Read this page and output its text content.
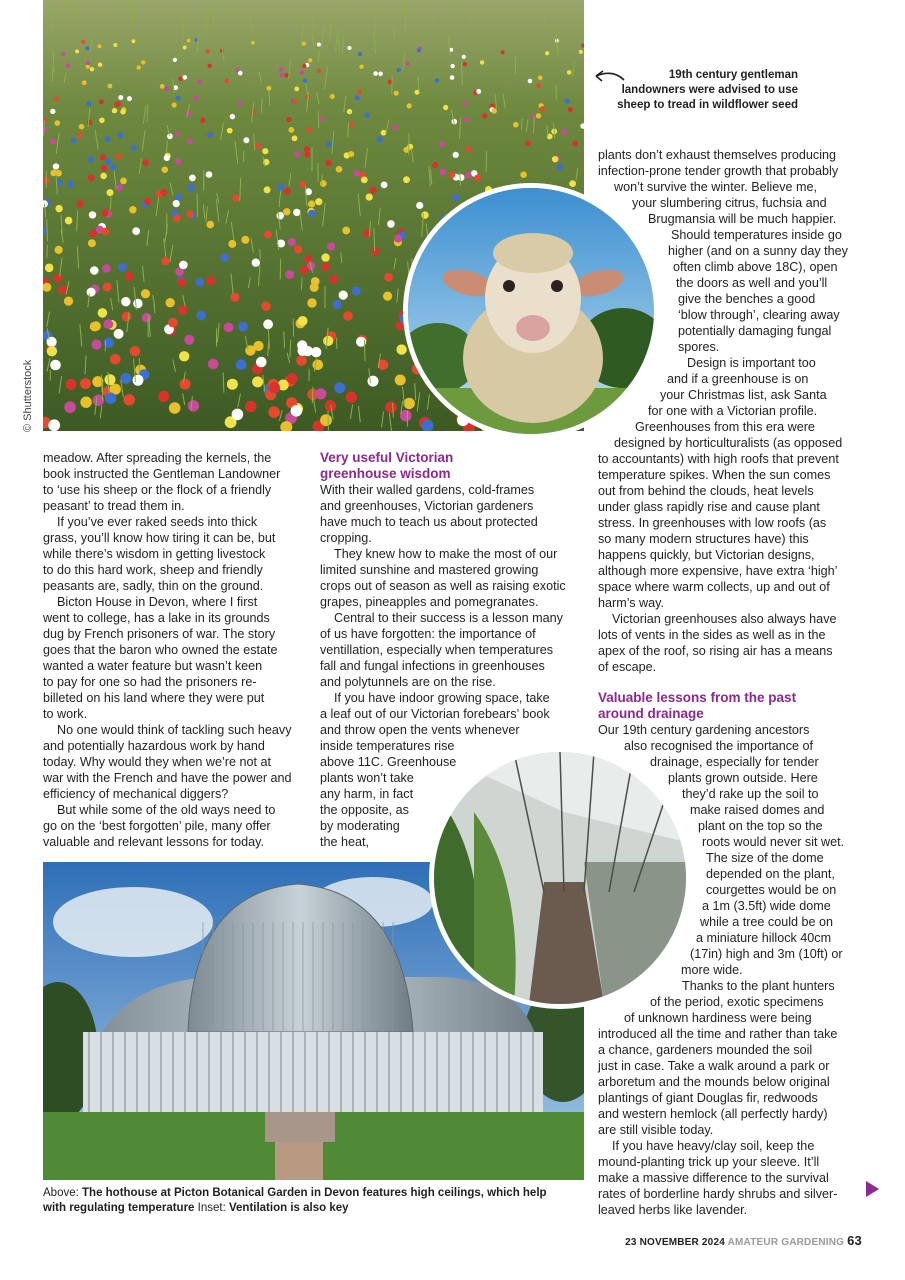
© Shutterstock
19th century gentleman
landowners were advised to use
sheep to tread in wildflower seed

meadow. After spreading the kernels, the

book instructed the Gentleman Landowner

to ‘use his sheep or the flock of a friendly

peasant’ to tread them in.

If you’ve ever raked seeds into thick

grass, you’ll know how tiring it can be, but

while there’s wisdom in getting livestock

to do this hard work, sheep and friendly

peasants are, sadly, thin on the ground.

Bicton House in Devon, where I first

went to college, has a lake in its grounds

dug by French prisoners of war. The story

goes that the baron who owned the estate

wanted a water feature but wasn’t keen

to pay for one so had the prisoners re-

billeted on his land where they were put

to work.

No one would think of tackling such heavy

and potentially hazardous work by hand

today. Why would they when we’re not at

war with the French and have the power and

efficiency of mechanical diggers?

But while some of the old ways need to

go on the ‘best forgotten’ pile, many offer

valuable and relevant lessons for today.

Very useful Victorian
greenhouse wisdom

With their walled gardens, cold-frames

and greenhouses, Victorian gardeners

have much to teach us about protected

cropping.

They knew how to make the most of our

limited sunshine and mastered growing

crops out of season as well as raising exotic

grapes, pineapples and pomegranates.

Central to their success is a lesson many

of us have forgotten: the importance of

ventillation, especially when temperatures

fall and fungal infections in greenhouses

and polytunnels are on the rise.

If you have indoor growing space, take

a leaf out of our Victorian forebears’ book

and throw open the vents whenever

inside temperatures rise

above 11C. Greenhouse

plants won’t take

any harm, in fact

the opposite, as

by moderating

the heat,

plants don’t exhaust themselves producing

infection-prone tender growth that probably

won’t survive the winter. Believe me,

your slumbering citrus, fuchsia and

Brugmansia will be much happier.

Should temperatures inside go

higher (and on a sunny day they

often climb above 18C), open

the doors as well and you’ll

give the benches a good

‘blow through’, clearing away

potentially damaging fungal

spores.

Design is important too

and if a greenhouse is on

your Christmas list, ask Santa

for one with a Victorian profile.

Greenhouses from this era were

designed by horticulturalists (as opposed

to accountants) with high roofs that prevent

temperature spikes. When the sun comes

out from behind the clouds, heat levels

under glass rapidly rise and cause plant

stress. In greenhouses with low roofs (as

so many modern structures have) this

happens quickly, but Victorian designs,

although more expensive, have extra ‘high’

space where warm collects, up and out of

harm’s way.

Victorian greenhouses also always have

lots of vents in the sides as well as in the

apex of the roof, so rising air has a means

of escape.

Valuable lessons from the past
around drainage

Our 19th century gardening ancestors

also recognised the importance of

drainage, especially for tender

plants grown outside. Here

they’d rake up the soil to

make raised domes and

plant on the top so the

roots would never sit wet.

The size of the dome

depended on the plant,

courgettes would be on

a 1m (3.5ft) wide dome

while a tree could be on

a miniature hillock 40cm

(17in) high and 3m (10ft) or

more wide.

Thanks to the plant hunters

of the period, exotic specimens

of unknown hardiness were being

introduced all the time and rather than take

a chance, gardeners mounded the soil

just in case. Take a walk around a park or

arboretum and the mounds below original

plantings of giant Douglas fir, redwoods

and western hemlock (all perfectly hardy)

are still visible today.

If you have heavy/clay soil, keep the

mound-planting trick up your sleeve. It’ll

make a massive difference to the survival

rates of borderline hardy shrubs and silver-

leaved herbs like lavender.

Above: The hothouse at Picton Botanical Garden in Devon features high ceilings, which help
with regulating temperature Inset: Ventilation is also key
23 NOVEMBER 2024 AMATEUR GARDENING 63
